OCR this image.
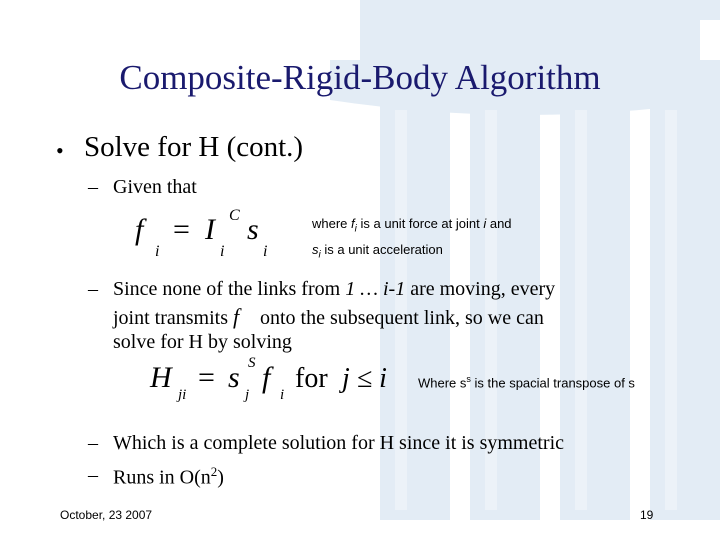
Composite-Rigid-Body Algorithm
• Solve for H (cont.)
– Given that
f
i
= I
i
C s
i
where $f_i$ is a unit force at joint i and
$s_i$ is a unit acceleration
– Since none of the links from 1 … i-1 are moving, every
joint transmits f onto the subsequent link, so we can
solve for H by solving
H
ji
= s
j
S f
i
for j ≤ i Where $s^s$ is the spacial transpose of s
– Which is a complete solution for H since it is symmetric
– Runs in $O(n^2)$
October, 23 2007	19
